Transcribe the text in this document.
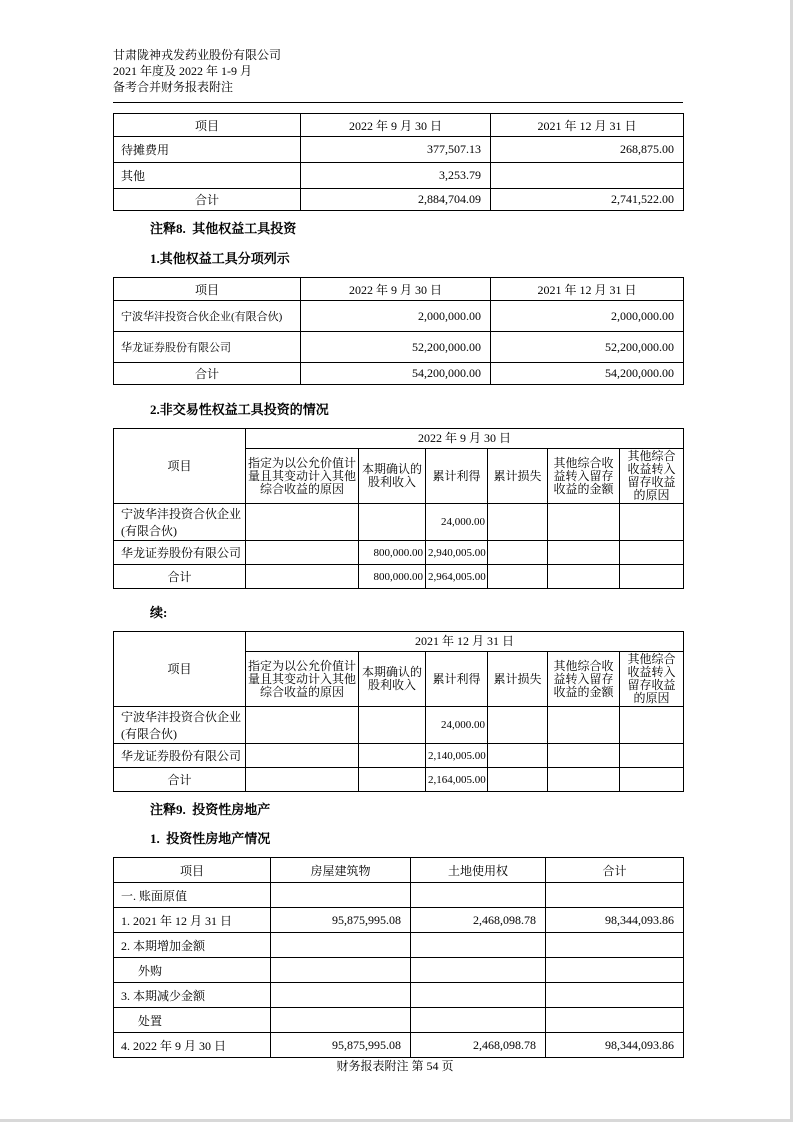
甘肃陇神戎发药业股份有限公司
2021 年度及 2022 年 1-9 月
备考合并财务报表附注
项目	2022 年 9 月 30 日	2021 年 12 月 31 日
待摊费用	377,507.13	268,875.00
其他	3,253.79	
合计	2,884,704.09	2,741,522.00
注释8.  其他权益工具投资
1.其他权益工具分项列示
项目	2022 年 9 月 30 日	2021 年 12 月 31 日
宁波华沣投资合伙企业(有限合伙)	2,000,000.00	2,000,000.00
华龙证券股份有限公司	52,200,000.00	52,200,000.00
合计	54,200,000.00	54,200,000.00
2.非交易性权益工具投资的情况
项目	2022 年 9 月 30 日					
	指定为以公允价值计量且其变动计入其他综合收益的原因	本期确认的股利收入	累计利得	累计损失	其他综合收益转入留存收益的金额	其他综合收益转入留存收益的原因
宁波华沣投资合伙企业(有限合伙)			24,000.00			
华龙证券股份有限公司		800,000.00	2,940,005.00			
合计		800,000.00	2,964,005.00			
续:
项目	2021 年 12 月 31 日					
	指定为以公允价值计量且其变动计入其他综合收益的原因	本期确认的股利收入	累计利得	累计损失	其他综合收益转入留存收益的金额	其他综合收益转入留存收益的原因
宁波华沣投资合伙企业(有限合伙)			24,000.00			
华龙证券股份有限公司			2,140,005.00			
合计			2,164,005.00			
注释9.  投资性房地产
1.  投资性房地产情况
项目	房屋建筑物	土地使用权	合计
一. 账面原值			
1. 2021 年 12 月 31 日	95,875,995.08	2,468,098.78	98,344,093.86
2. 本期增加金额			
外购			
3. 本期减少金额			
处置			
4. 2022 年 9 月 30 日	95,875,995.08	2,468,098.78	98,344,093.86
财务报表附注 第 54 页
